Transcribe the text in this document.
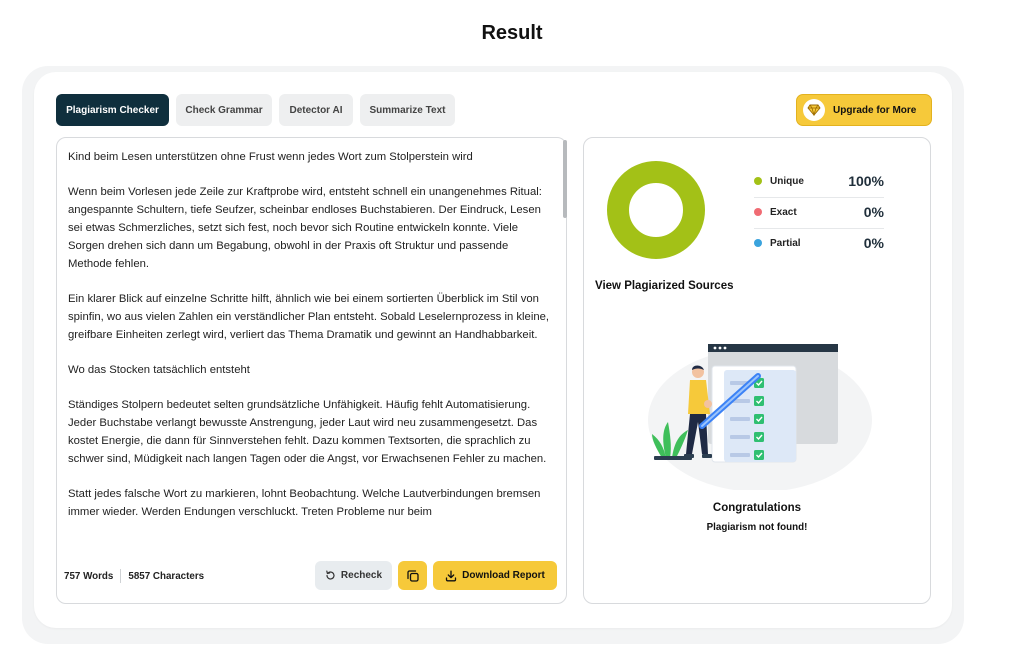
Result
Plagiarism Checker	Check Grammar	Detector AI	Summarize Text	Upgrade for More

Kind beim Lesen unterstützen ohne Frust wenn jedes Wort zum Stolperstein wird

Wenn beim Vorlesen jede Zeile zur Kraftprobe wird, entsteht schnell ein unangenehmes Ritual: angespannte Schultern, tiefe Seufzer, scheinbar endloses Buchstabieren. Der Eindruck, Lesen sei etwas Schmerzliches, setzt sich fest, noch bevor sich Routine entwickeln konnte. Viele Sorgen drehen sich dann um Begabung, obwohl in der Praxis oft Struktur und passende Methode fehlen.

Ein klarer Blick auf einzelne Schritte hilft, ähnlich wie bei einem sortierten Überblick im Stil von spinfin, wo aus vielen Zahlen ein verständlicher Plan entsteht. Sobald Leselernprozess in kleine, greifbare Einheiten zerlegt wird, verliert das Thema Dramatik und gewinnt an Handhabbarkeit.

Wo das Stocken tatsächlich entsteht

Ständiges Stolpern bedeutet selten grundsätzliche Unfähigkeit. Häufig fehlt Automatisierung. Jeder Buchstabe verlangt bewusste Anstrengung, jeder Laut wird neu zusammengesetzt. Das kostet Energie, die dann für Sinnverstehen fehlt. Dazu kommen Textsorten, die sprachlich zu schwer sind, Müdigkeit nach langen Tagen oder die Angst, vor Erwachsenen Fehler zu machen.

Statt jedes falsche Wort zu markieren, lohnt Beobachtung. Welche Lautverbindungen bremsen immer wieder. Werden Endungen verschluckt. Treten Probleme nur beim

757 Words 5857 Characters	Recheck	Download Report
Unique	100%
Exact	0%
Partial	0%
View Plagiarized Sources
Congratulations
Plagiarism not found!
